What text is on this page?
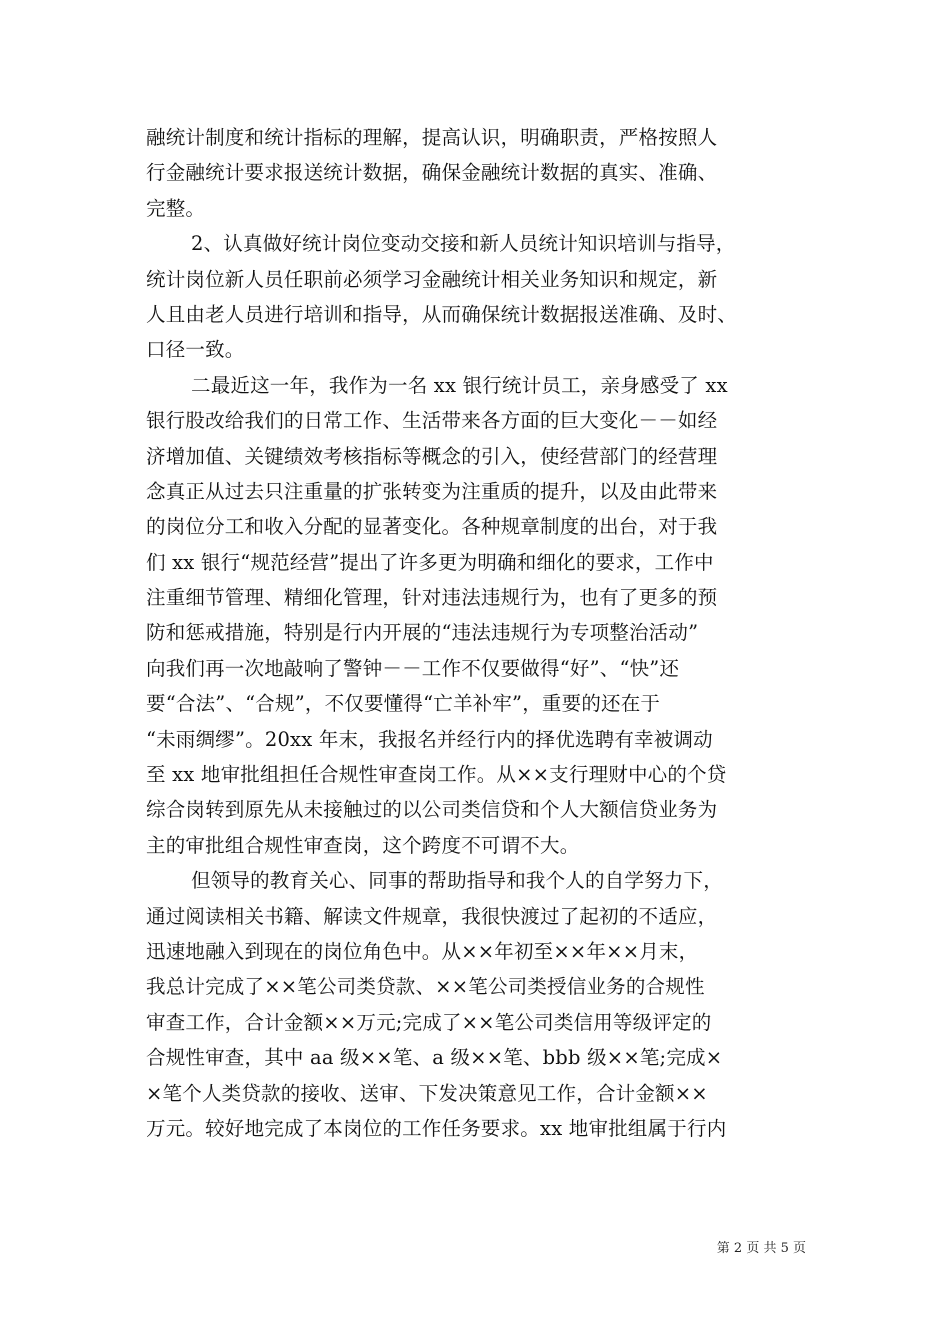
融统计制度和统计指标的理解，提高认识，明确职责，严格按照人
行金融统计要求报送统计数据，确保金融统计数据的真实、准确、
完整。
2、认真做好统计岗位变动交接和新人员统计知识培训与指导，
统计岗位新人员任职前必须学习金融统计相关业务知识和规定，新
人且由老人员进行培训和指导，从而确保统计数据报送准确、及时、
口径一致。
二最近这一年，我作为一名 xx 银行统计员工，亲身感受了 xx
银行股改给我们的日常工作、生活带来各方面的巨大变化－－如经
济增加值、关键绩效考核指标等概念的引入，使经营部门的经营理
念真正从过去只注重量的扩张转变为注重质的提升，以及由此带来
的岗位分工和收入分配的显著变化。各种规章制度的出台，对于我
们 xx 银行“规范经营”提出了许多更为明确和细化的要求，工作中
注重细节管理、精细化管理，针对违法违规行为，也有了更多的预
防和惩戒措施，特别是行内开展的“违法违规行为专项整治活动”
向我们再一次地敲响了警钟－－工作不仅要做得“好”、“快”还
要“合法”、“合规”，不仅要懂得“亡羊补牢”，重要的还在于
“未雨绸缪”。20xx 年末，我报名并经行内的择优选聘有幸被调动
至 xx 地审批组担任合规性审查岗工作。从××支行理财中心的个贷
综合岗转到原先从未接触过的以公司类信贷和个人大额信贷业务为
主的审批组合规性审查岗，这个跨度不可谓不大。
但领导的教育关心、同事的帮助指导和我个人的自学努力下，
通过阅读相关书籍、解读文件规章，我很快渡过了起初的不适应，
迅速地融入到现在的岗位角色中。从××年初至××年××月末，
我总计完成了××笔公司类贷款、××笔公司类授信业务的合规性
审查工作，合计金额××万元;完成了××笔公司类信用等级评定的
合规性审查，其中 aa 级××笔、a 级××笔、bbb 级××笔;完成×
×笔个人类贷款的接收、送审、下发决策意见工作，合计金额××
万元。较好地完成了本岗位的工作任务要求。xx 地审批组属于行内
第 2 页 共 5 页
